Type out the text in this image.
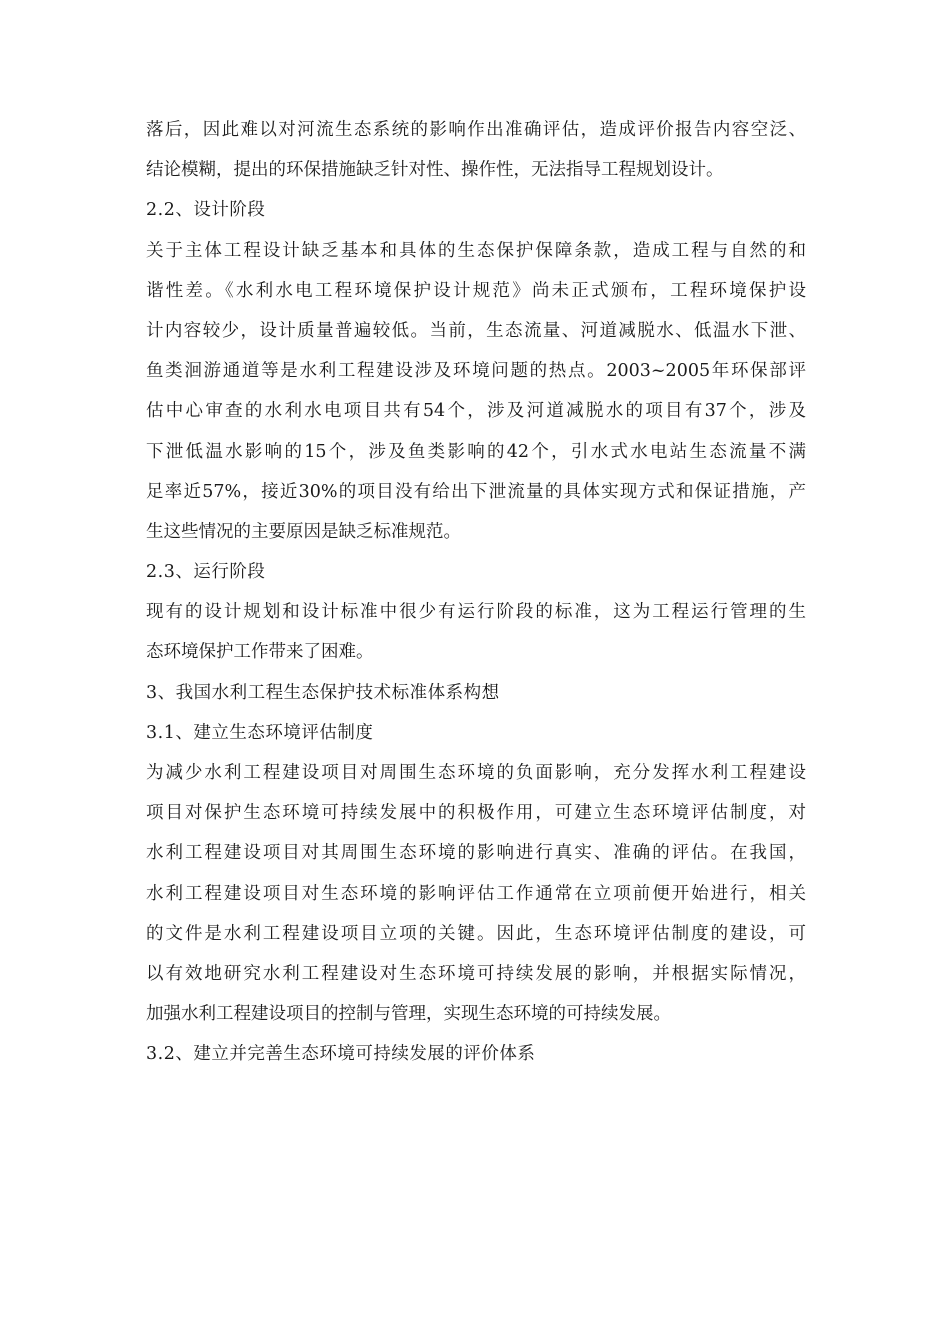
落后，因此难以对河流生态系统的影响作出准确评估，造成评价报告内容空泛、
结论模糊，提出的环保措施缺乏针对性、操作性，无法指导工程规划设计。
2.2、设计阶段
关于主体工程设计缺乏基本和具体的生态保护保障条款，造成工程与自然的和
谐性差。《水利水电工程环境保护设计规范》尚未正式颁布，工程环境保护设
计内容较少，设计质量普遍较低。当前，生态流量、河道减脱水、低温水下泄、
鱼类洄游通道等是水利工程建设涉及环境问题的热点。2003~2005年环保部评
估中心审查的水利水电项目共有54个，涉及河道减脱水的项目有37个，涉及
下泄低温水影响的15个，涉及鱼类影响的42个，引水式水电站生态流量不满
足率近57%，接近30%的项目没有给出下泄流量的具体实现方式和保证措施，产
生这些情况的主要原因是缺乏标准规范。
2.3、运行阶段
现有的设计规划和设计标准中很少有运行阶段的标准，这为工程运行管理的生
态环境保护工作带来了困难。
3、我国水利工程生态保护技术标准体系构想
3.1、建立生态环境评估制度
为减少水利工程建设项目对周围生态环境的负面影响，充分发挥水利工程建设
项目对保护生态环境可持续发展中的积极作用，可建立生态环境评估制度，对
水利工程建设项目对其周围生态环境的影响进行真实、准确的评估。在我国，
水利工程建设项目对生态环境的影响评估工作通常在立项前便开始进行，相关
的文件是水利工程建设项目立项的关键。因此，生态环境评估制度的建设，可
以有效地研究水利工程建设对生态环境可持续发展的影响，并根据实际情况，
加强水利工程建设项目的控制与管理，实现生态环境的可持续发展。
3.2、建立并完善生态环境可持续发展的评价体系
